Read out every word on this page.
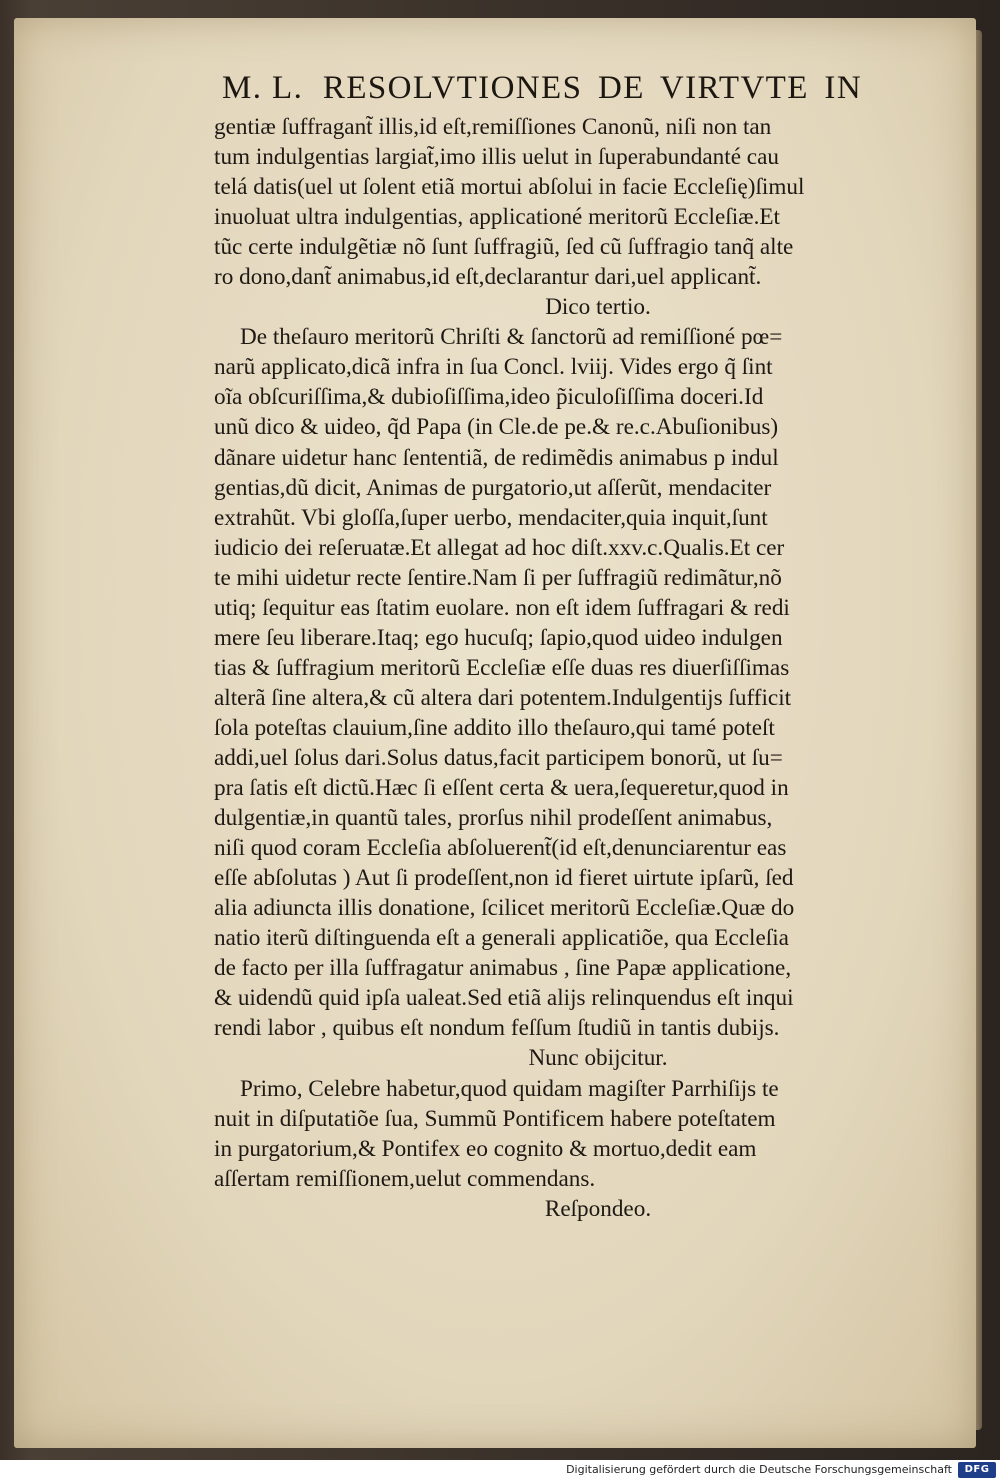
M. L. RESOLVTIONES DE VIRTVTE IN
gentiæ ſuffragant̃ illis,id eſt,remiſſiones Canonũ, niſi non tan
tum indulgentias largiat̃,imo illis uelut in ſuperabundanté cau
telá datis(uel ut ſolent etiã mortui abſolui in facie Eccleſię)ſimul
inuoluat ultra indulgentias, applicationé meritorũ Eccleſiæ.Et
tũc certe indulgẽtiæ nõ ſunt ſuffragiũ, ſed cũ ſuffragio tanq̃ alte
ro dono,dant̃ animabus,id eſt,declarantur dari,uel applicant̃.
Dico tertio.
De theſauro meritorũ Chriſti & ſanctorũ ad remiſſioné pœ=
narũ applicato,dicã infra in ſua Concl. lviij. Vides ergo q̃ ſint
oĩa obſcuriſſima,& dubioſiſſima,ideo p̃iculoſiſſima doceri.Id
unũ dico & uideo, q̃d Papa (in Cle.de pe.& re.c.Abuſionibus)
dãnare uidetur hanc ſententiã, de redimẽdis animabus p indul
gentias,dũ dicit, Animas de purgatorio,ut aſſerũt, mendaciter
extrahũt. Vbi gloſſa,ſuper uerbo, mendaciter,quia inquit,ſunt
iudicio dei reſeruatæ.Et allegat ad hoc diſt.xxv.c.Qualis.Et cer
te mihi uidetur recte ſentire.Nam ſi per ſuffragiũ redimãtur,nõ
utiq; ſequitur eas ſtatim euolare. non eſt idem ſuffragari & redi
mere ſeu liberare.Itaq; ego hucuſq; ſapio,quod uideo indulgen
tias & ſuffragium meritorũ Eccleſiæ eſſe duas res diuerſiſſimas
alterã ſine altera,& cũ altera dari potentem.Indulgentijs ſufficit
ſola poteſtas clauium,ſine addito illo theſauro,qui tamé poteſt
addi,uel ſolus dari.Solus datus,facit participem bonorũ, ut ſu=
pra ſatis eſt dictũ.Hæc ſi eſſent certa & uera,ſequeretur,quod in
dulgentiæ,in quantũ tales, prorſus nihil prodeſſent animabus,
niſi quod coram Eccleſia abſoluerent̃(id eſt,denunciarentur eas
eſſe abſolutas ) Aut ſi prodeſſent,non id fieret uirtute ipſarũ, ſed
alia adiuncta illis donatione, ſcilicet meritorũ Eccleſiæ.Quæ do
natio iterũ diſtinguenda eſt a generali applicatiõe, qua Eccleſia
de facto per illa ſuffragatur animabus , ſine Papæ applicatione,
& uidendũ quid ipſa ualeat.Sed etiã alijs relinquendus eſt inqui
rendi labor , quibus eſt nondum feſſum ſtudiũ in tantis dubijs.
Nunc obijcitur.
Primo, Celebre habetur,quod quidam magiſter Parrhiſijs te
nuit in diſputatiõe ſua, Summũ Pontificem habere poteſtatem
in purgatorium,& Pontifex eo cognito & mortuo,dedit eam
aſſertam remiſſionem,uelut commendans.
Reſpondeo.
Digitalisierung gefördert durch die Deutsche Forschungsgemeinschaft	DFG
